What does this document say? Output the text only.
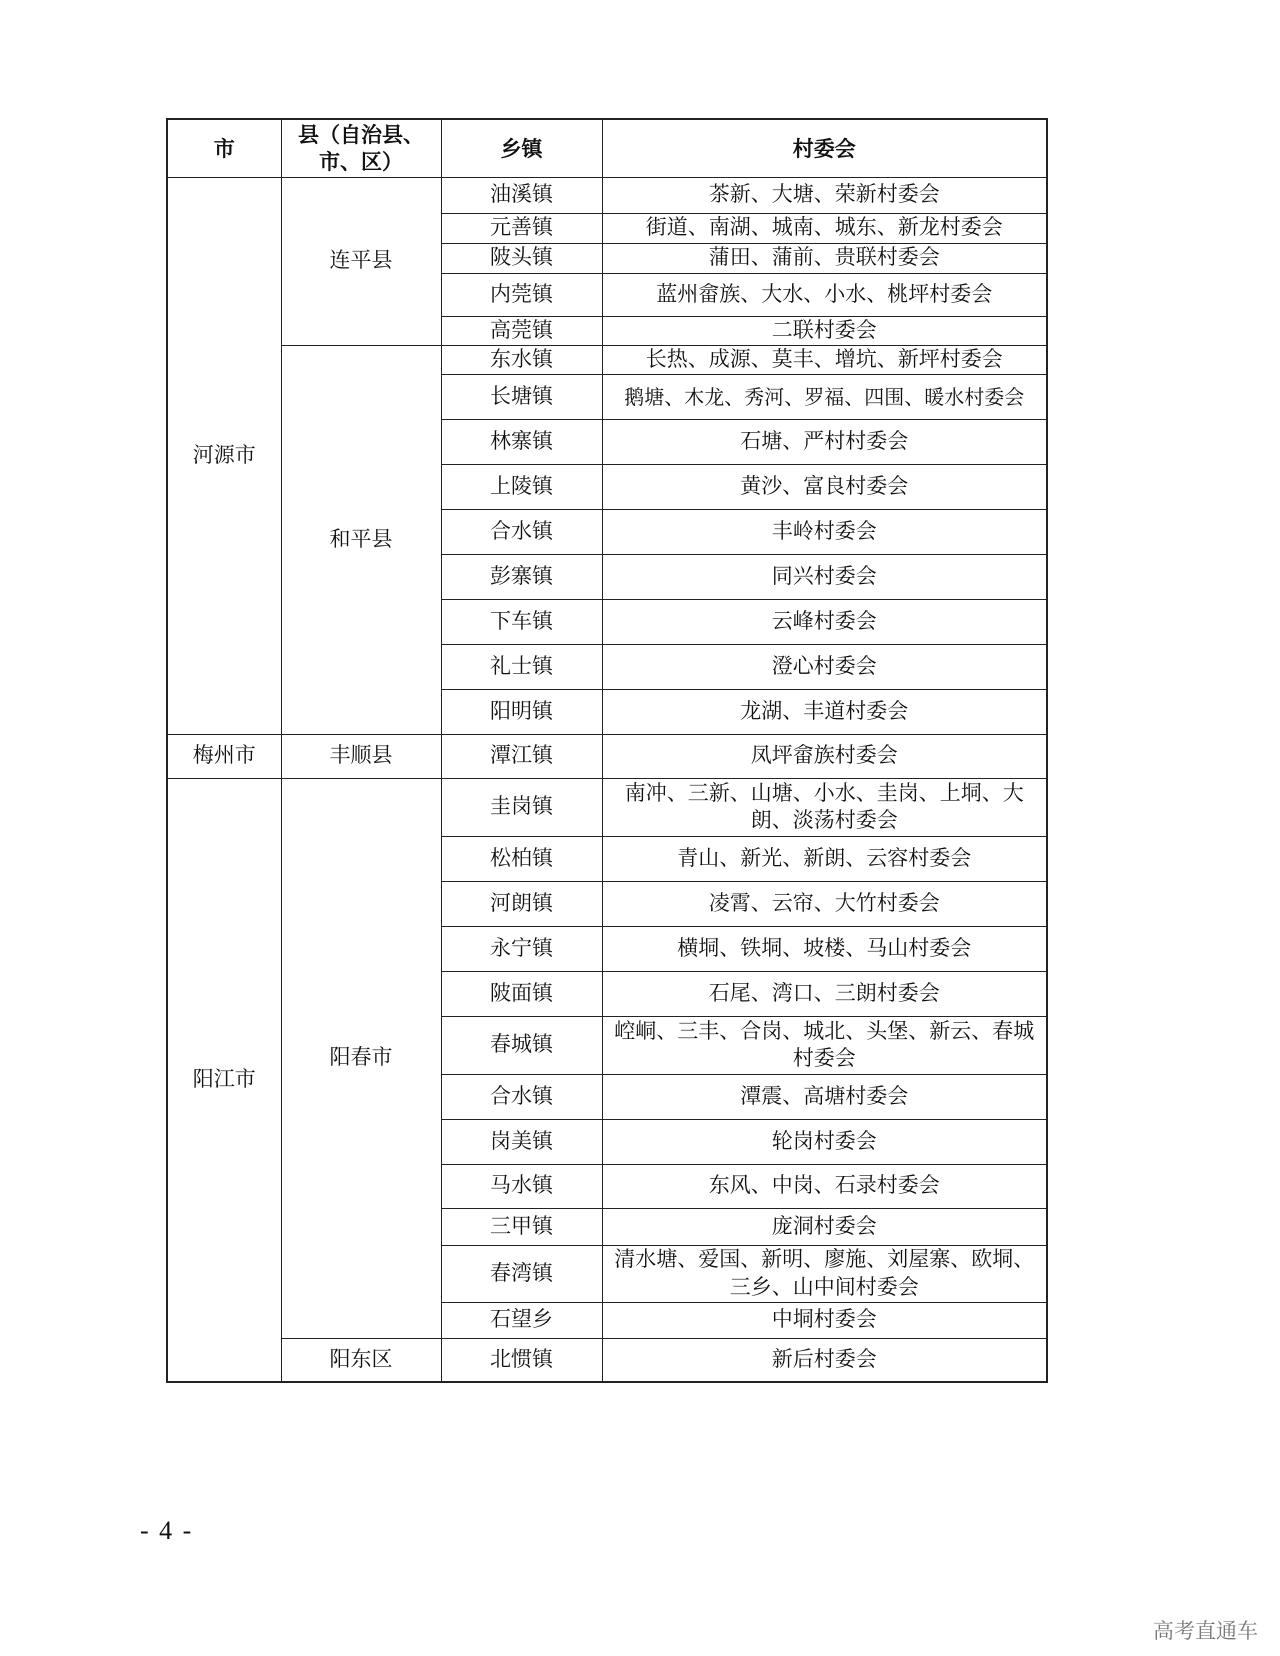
市	县（自治县、市、区）	乡镇	村委会
河源市	连平县	油溪镇	茶新、大塘、荣新村委会
		元善镇	街道、南湖、城南、城东、新龙村委会
		陂头镇	蒲田、蒲前、贵联村委会
		内莞镇	蓝州畲族、大水、小水、桃坪村委会
		高莞镇	二联村委会
	和平县	东水镇	长热、成源、莫丰、增坑、新坪村委会
		长塘镇	鹅塘、木龙、秀河、罗福、四围、暖水村委会
		林寨镇	石塘、严村村委会
		上陵镇	黄沙、富良村委会
		合水镇	丰岭村委会
		彭寨镇	同兴村委会
		下车镇	云峰村委会
		礼士镇	澄心村委会
		阳明镇	龙湖、丰道村委会
梅州市	丰顺县	潭江镇	凤坪畲族村委会
阳江市	阳春市	圭岗镇	南冲、三新、山塘、小水、圭岗、上垌、大朗、淡荡村委会
		松柏镇	青山、新光、新朗、云容村委会
		河朗镇	凌霄、云帘、大竹村委会
		永宁镇	横垌、铁垌、坡楼、马山村委会
		陂面镇	石尾、湾口、三朗村委会
		春城镇	崆峒、三丰、合岗、城北、头堡、新云、春城村委会
		合水镇	潭震、高塘村委会
		岗美镇	轮岗村委会
		马水镇	东风、中岗、石录村委会
		三甲镇	庞洞村委会
		春湾镇	清水塘、爱国、新明、廖施、刘屋寨、欧垌、三乡、山中间村委会
		石望乡	中垌村委会
	阳东区	北惯镇	新后村委会
- 4 -
高考直通车
